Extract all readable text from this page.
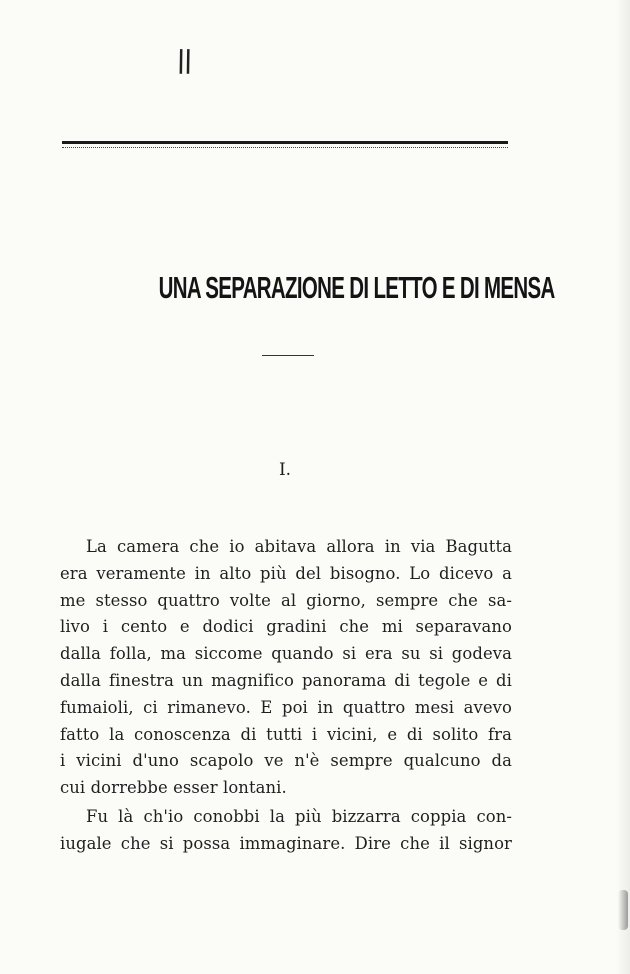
\\
UNA SEPARAZIONE DI LETTO E DI MENSA
I.
La camera che io abitava allora in via Bagutta
era veramente in alto più del bisogno. Lo dicevo a
me stesso quattro volte al giorno, sempre che sa-
livo i cento e dodici gradini che mi separavano
dalla folla, ma siccome quando si era su si godeva
dalla finestra un magnifico panorama di tegole e di
fumaioli, ci rimanevo. E poi in quattro mesi avevo
fatto la conoscenza di tutti i vicini, e di solito fra
i vicini d'uno scapolo ve n'è sempre qualcuno da
cui dorrebbe esser lontani.
Fu là ch'io conobbi la più bizzarra coppia con-
iugale che si possa immaginare. Dire che il signor
